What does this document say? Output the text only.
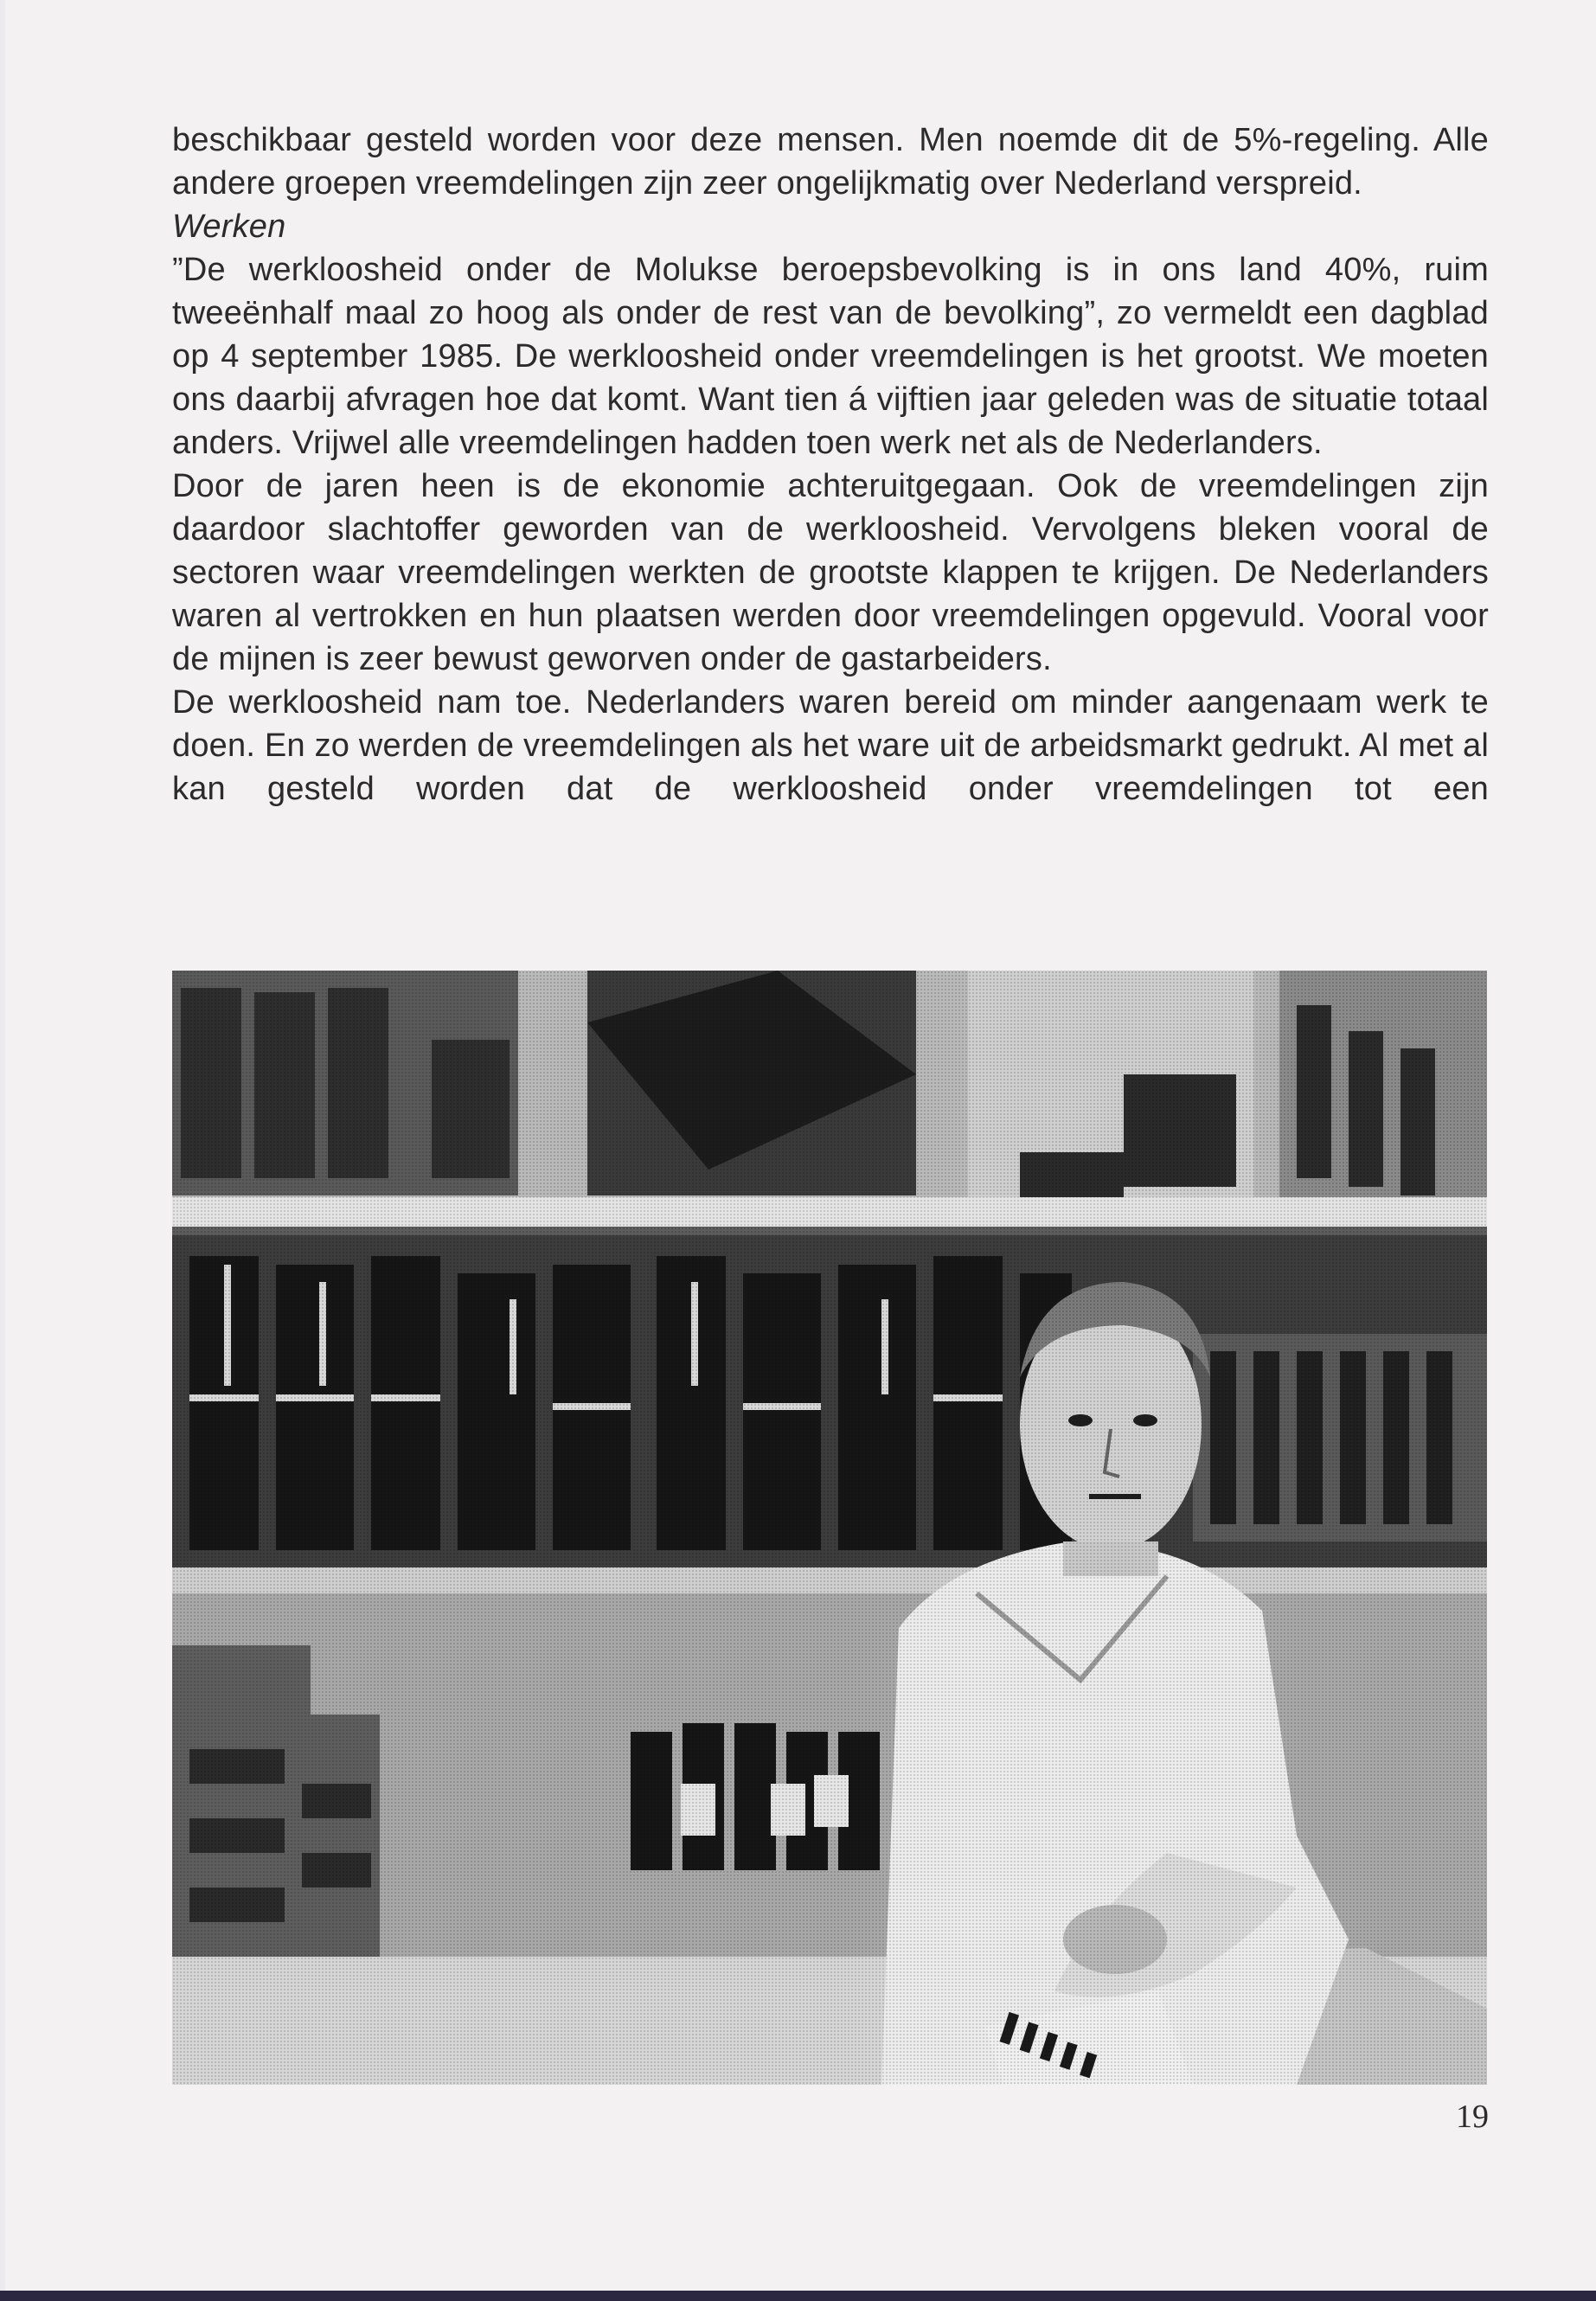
beschikbaar gesteld worden voor deze mensen. Men noemde dit de 5%-regeling. Alle andere groepen vreemdelingen zijn zeer ongelijkmatig over Nederland verspreid.

Werken

”De werkloosheid onder de Molukse beroepsbevolking is in ons land 40%, ruim tweeënhalf maal zo hoog als onder de rest van de bevolking”, zo vermeldt een dagblad op 4 september 1985. De werkloosheid onder vreemdelingen is het grootst. We moeten ons daarbij afvragen hoe dat komt. Want tien á vijftien jaar geleden was de situatie totaal anders. Vrijwel alle vreemdelingen hadden toen werk net als de Nederlanders.

Door de jaren heen is de ekonomie achteruitgegaan. Ook de vreemdelingen zijn daardoor slachtoffer geworden van de werkloosheid. Vervolgens bleken vooral de sectoren waar vreemdelingen werkten de grootste klappen te krijgen. De Nederlanders waren al vertrokken en hun plaatsen werden door vreemdelingen opgevuld. Vooral voor de mijnen is zeer bewust geworven onder de gastarbeiders.

De werkloosheid nam toe. Nederlanders waren bereid om minder aangenaam werk te doen. En zo werden de vreemdelingen als het ware uit de arbeidsmarkt gedrukt. Al met al kan gesteld worden dat de werkloosheid onder vreemdelingen tot een

19
